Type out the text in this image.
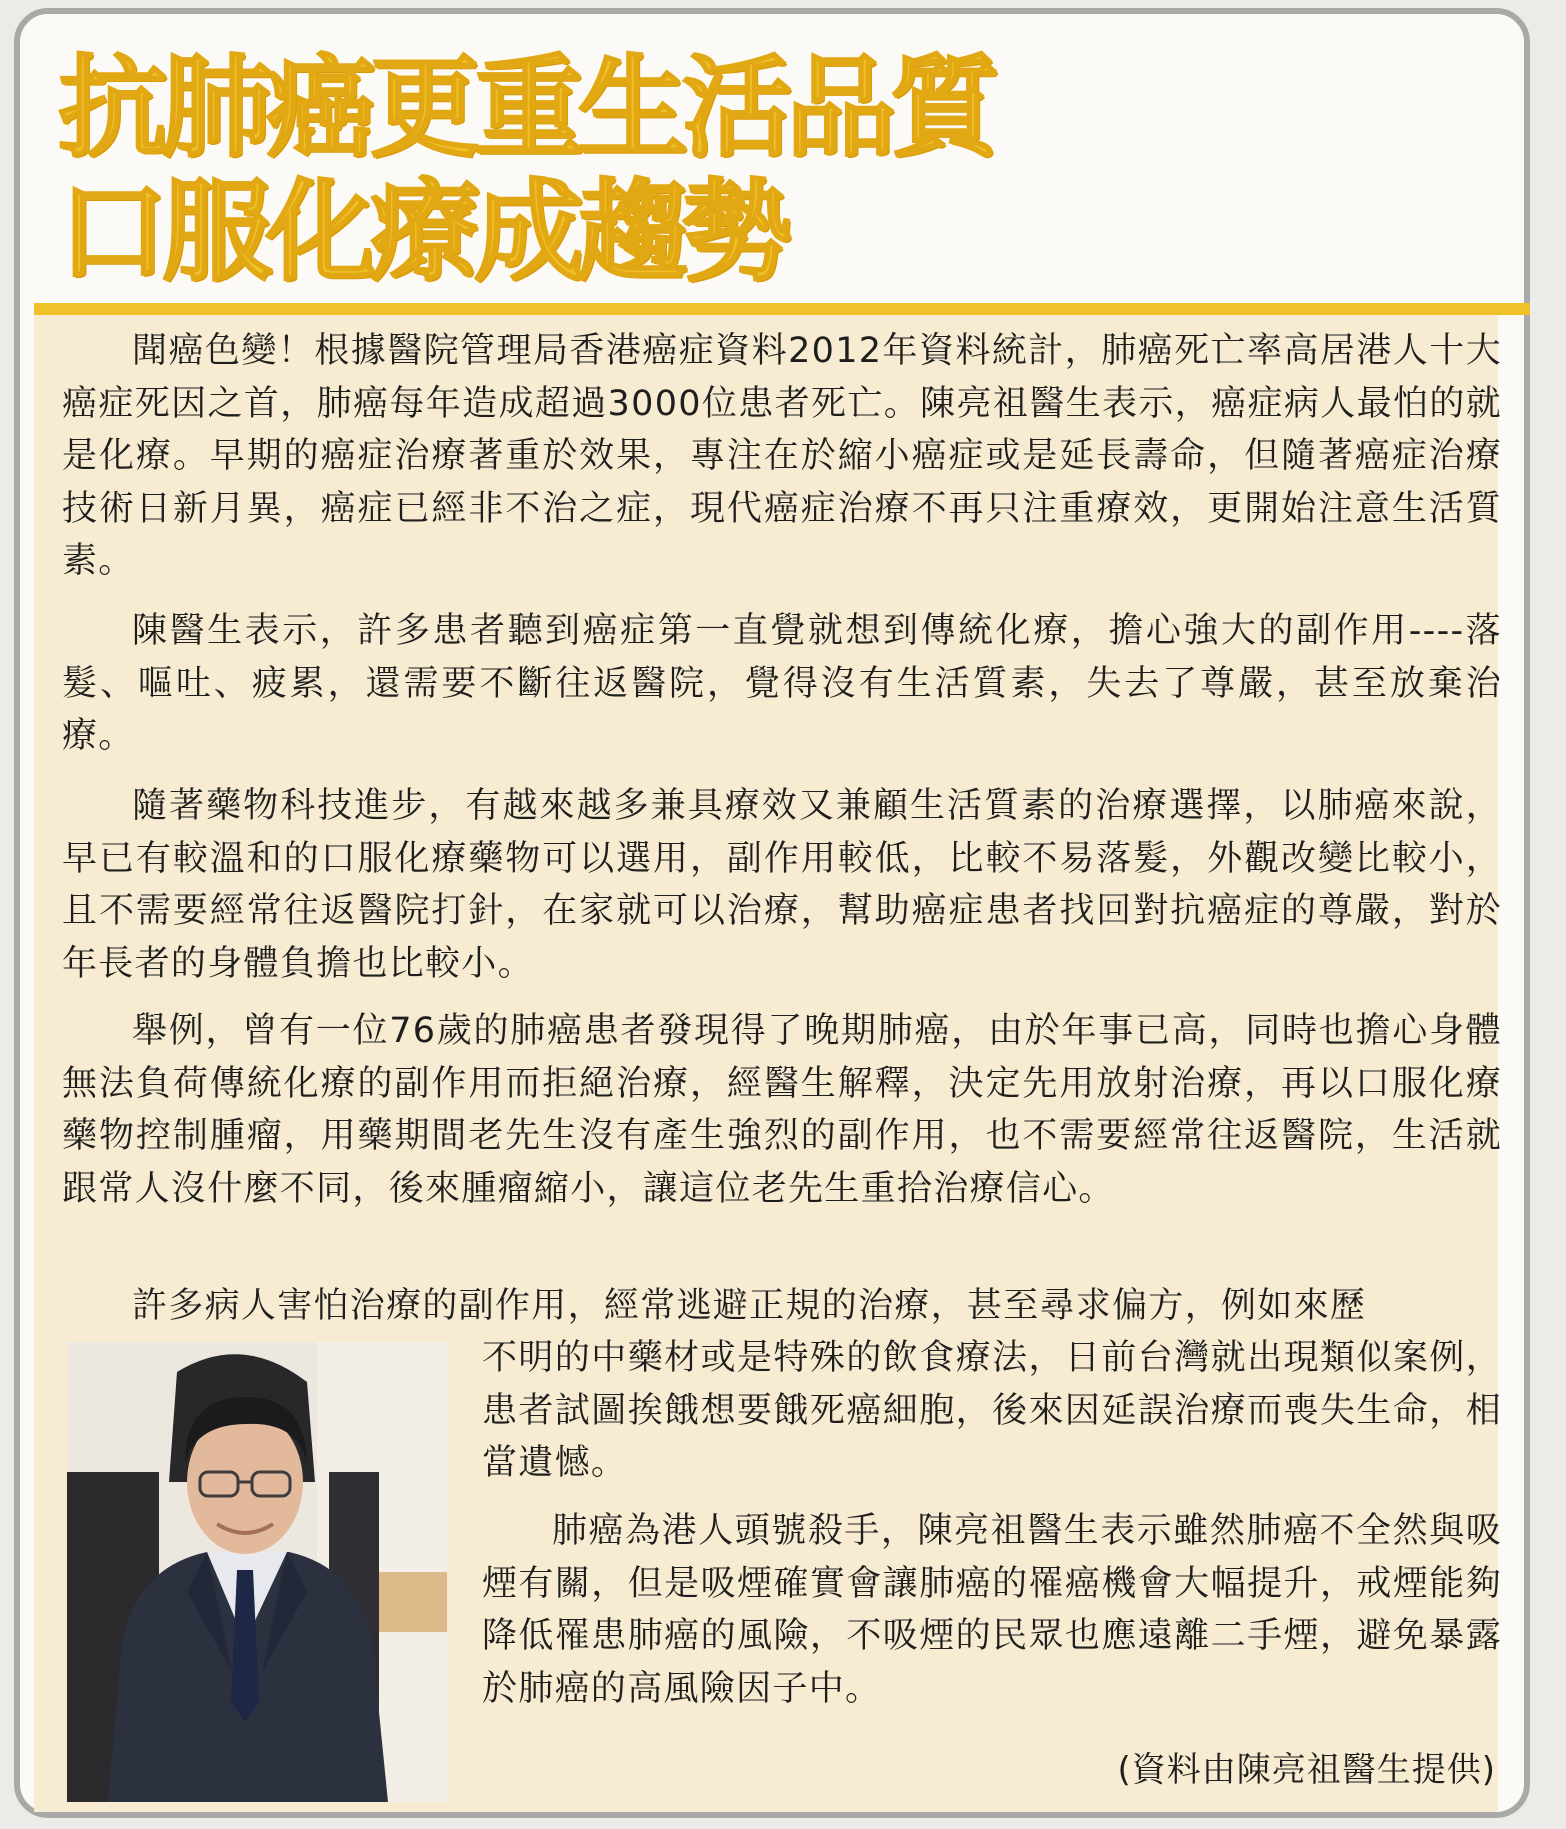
抗肺癌更重生活品質
口服化療成趨勢

聞癌色變！根據醫院管理局香港癌症資料2012年資料統計，肺癌死亡率高居港人十大癌症死因之首，肺癌每年造成超過3000位患者死亡。陳亮祖醫生表示，癌症病人最怕的就是化療。早期的癌症治療著重於效果，專注在於縮小癌症或是延長壽命，但隨著癌症治療技術日新月異，癌症已經非不治之症，現代癌症治療不再只注重療效，更開始注意生活質素。

陳醫生表示，許多患者聽到癌症第一直覺就想到傳統化療，擔心強大的副作用----落髮、嘔吐、疲累，還需要不斷往返醫院，覺得沒有生活質素，失去了尊嚴，甚至放棄治療。

隨著藥物科技進步，有越來越多兼具療效又兼顧生活質素的治療選擇，以肺癌來說，早已有較溫和的口服化療藥物可以選用，副作用較低，比較不易落髮，外觀改變比較小，且不需要經常往返醫院打針，在家就可以治療，幫助癌症患者找回對抗癌症的尊嚴，對於年長者的身體負擔也比較小。

舉例，曾有一位76歲的肺癌患者發現得了晚期肺癌，由於年事已高，同時也擔心身體無法負荷傳統化療的副作用而拒絕治療，經醫生解釋，決定先用放射治療，再以口服化療藥物控制腫瘤，用藥期間老先生沒有產生強烈的副作用，也不需要經常往返醫院，生活就跟常人沒什麼不同，後來腫瘤縮小，讓這位老先生重拾治療信心。

許多病人害怕治療的副作用，經常逃避正規的治療，甚至尋求偏方，例如來歷

不明的中藥材或是特殊的飲食療法，日前台灣就出現類似案例，患者試圖挨餓想要餓死癌細胞，後來因延誤治療而喪失生命，相當遺憾。

肺癌為港人頭號殺手，陳亮祖醫生表示雖然肺癌不全然與吸煙有關，但是吸煙確實會讓肺癌的罹癌機會大幅提升，戒煙能夠降低罹患肺癌的風險，不吸煙的民眾也應遠離二手煙，避免暴露於肺癌的高風險因子中。

(資料由陳亮祖醫生提供)
